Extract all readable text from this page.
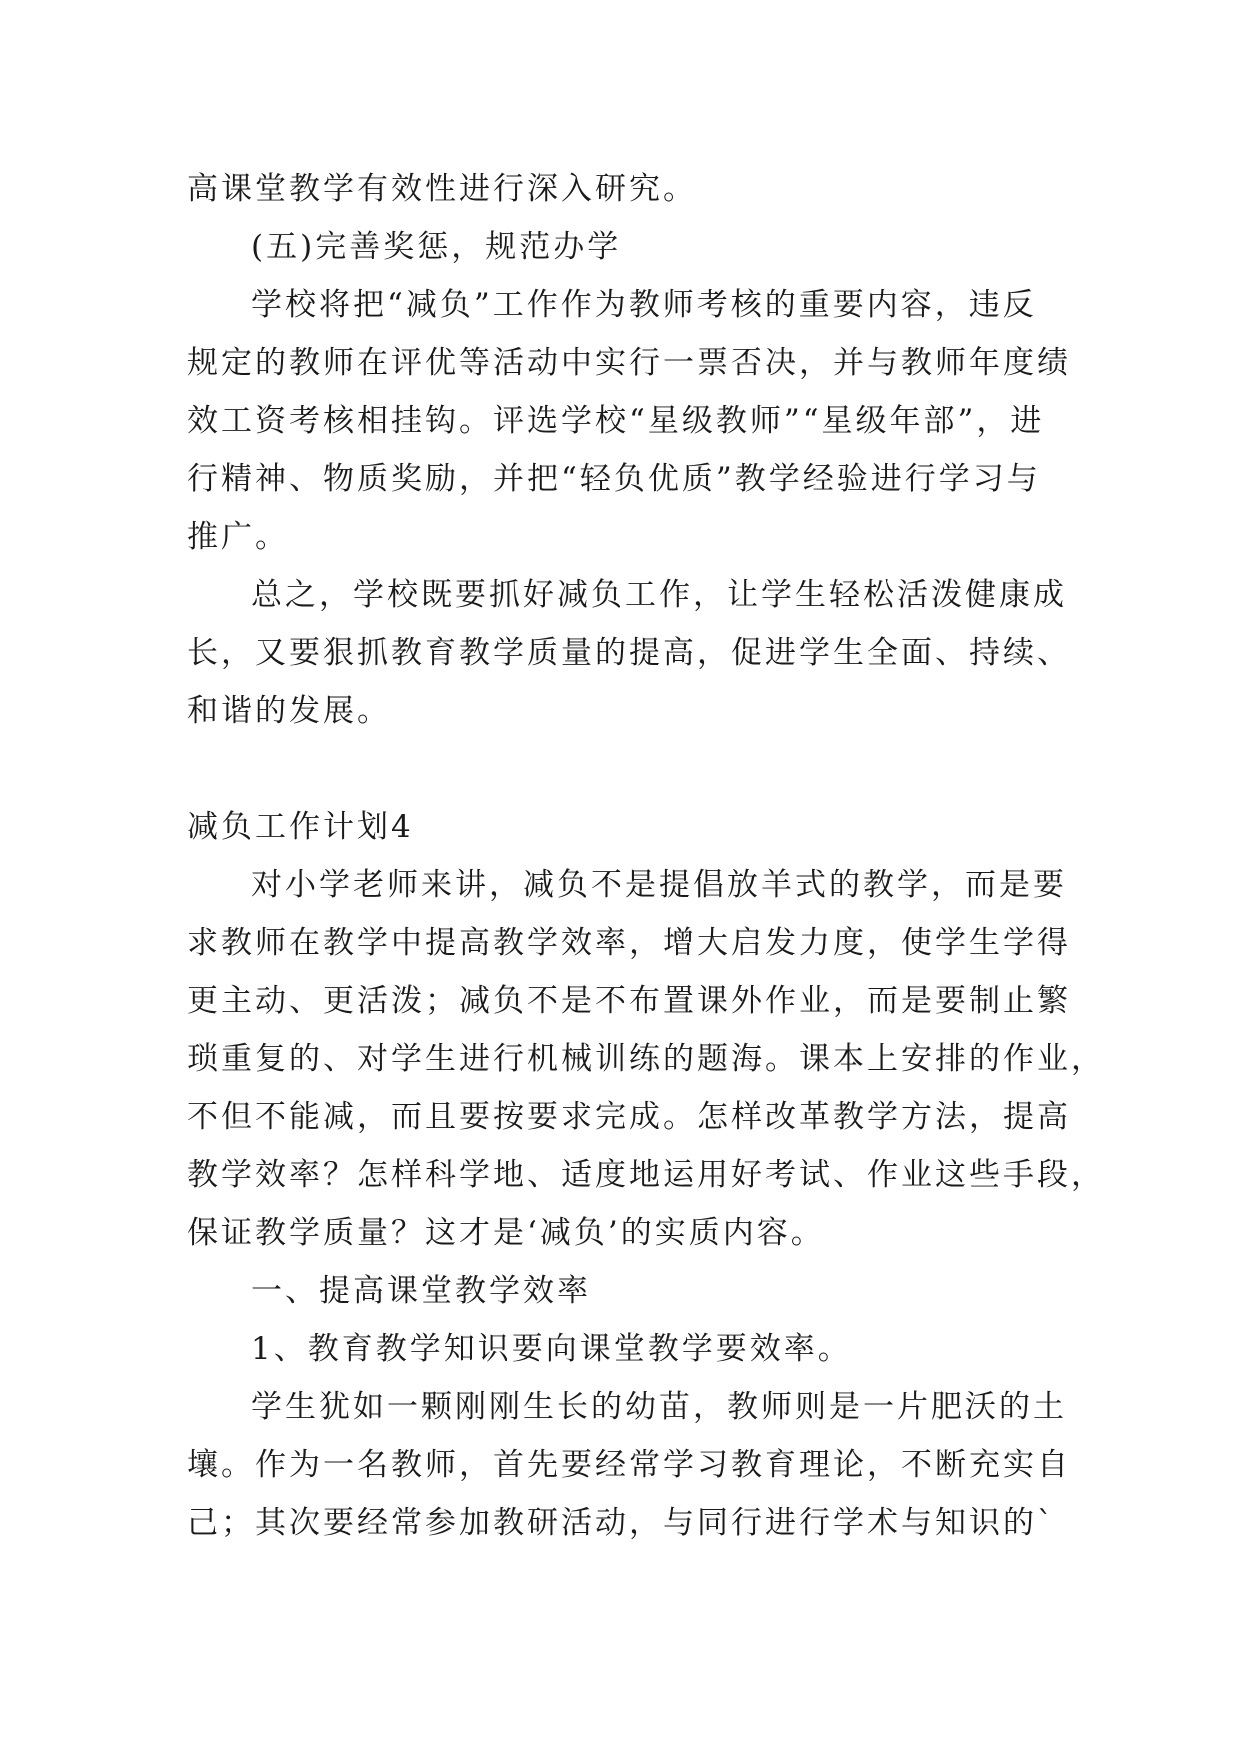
高课堂教学有效性进行深入研究。
(五)完善奖惩，规范办学
学校将把“减负”工作作为教师考核的重要内容，违反
规定的教师在评优等活动中实行一票否决，并与教师年度绩
效工资考核相挂钩。评选学校“星级教师”“星级年部”，进
行精神、物质奖励，并把“轻负优质”教学经验进行学习与
推广。
总之，学校既要抓好减负工作，让学生轻松活泼健康成
长，又要狠抓教育教学质量的提高，促进学生全面、持续、
和谐的发展。
减负工作计划4
对小学老师来讲，减负不是提倡放羊式的教学，而是要
求教师在教学中提高教学效率，增大启发力度，使学生学得
更主动、更活泼；减负不是不布置课外作业，而是要制止繁
琐重复的、对学生进行机械训练的题海。课本上安排的作业，
不但不能减，而且要按要求完成。怎样改革教学方法，提高
教学效率？怎样科学地、适度地运用好考试、作业这些手段，
保证教学质量？这才是‘减负’的实质内容。
一、提高课堂教学效率
1、教育教学知识要向课堂教学要效率。
学生犹如一颗刚刚生长的幼苗，教师则是一片肥沃的土
壤。作为一名教师，首先要经常学习教育理论，不断充实自
己；其次要经常参加教研活动，与同行进行学术与知识的`
